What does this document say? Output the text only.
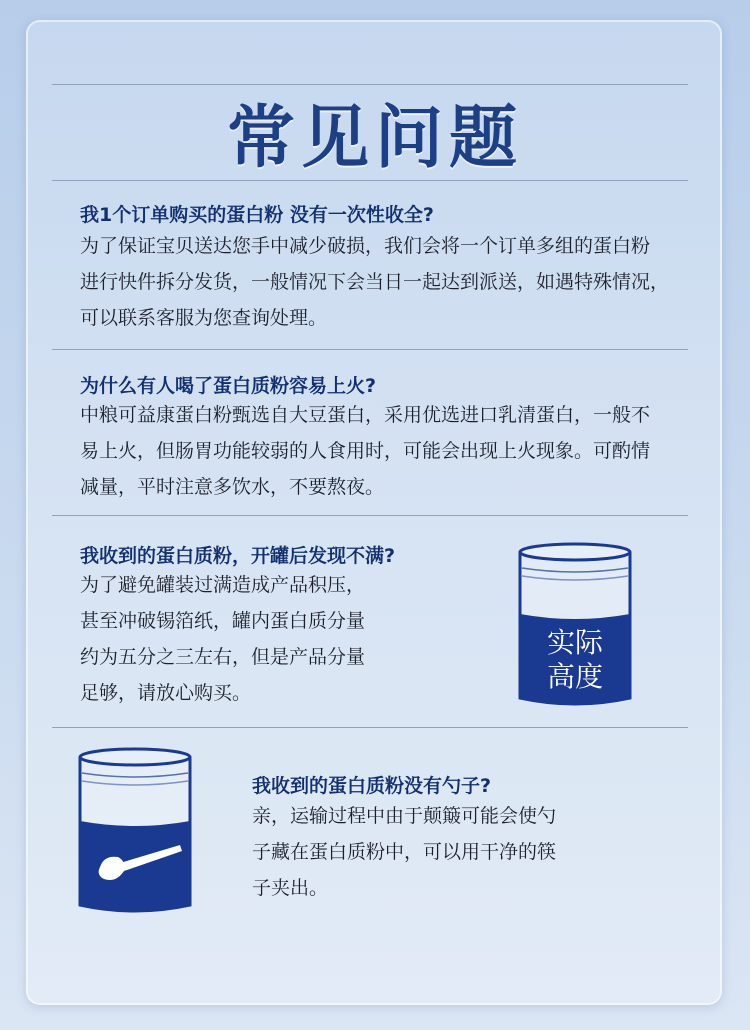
常见问题
我1个订单购买的蛋白粉 没有一次性收全?
为了保证宝贝送达您手中减少破损，我们会将一个订单多组的蛋白粉
进行快件拆分发货，一般情况下会当日一起达到派送，如遇特殊情况，
可以联系客服为您查询处理。
为什么有人喝了蛋白质粉容易上火?
中粮可益康蛋白粉甄选自大豆蛋白，采用优选进口乳清蛋白，一般不
易上火，但肠胃功能较弱的人食用时，可能会出现上火现象。可酌情
减量，平时注意多饮水，不要熬夜。
我收到的蛋白质粉，开罐后发现不满?
为了避免罐装过满造成产品积压，
甚至冲破锡箔纸，罐内蛋白质分量
约为五分之三左右，但是产品分量
足够，请放心购买。
实际
高度
我收到的蛋白质粉没有勺子?
亲，运输过程中由于颠簸可能会使勺
子藏在蛋白质粉中，可以用干净的筷
子夹出。
